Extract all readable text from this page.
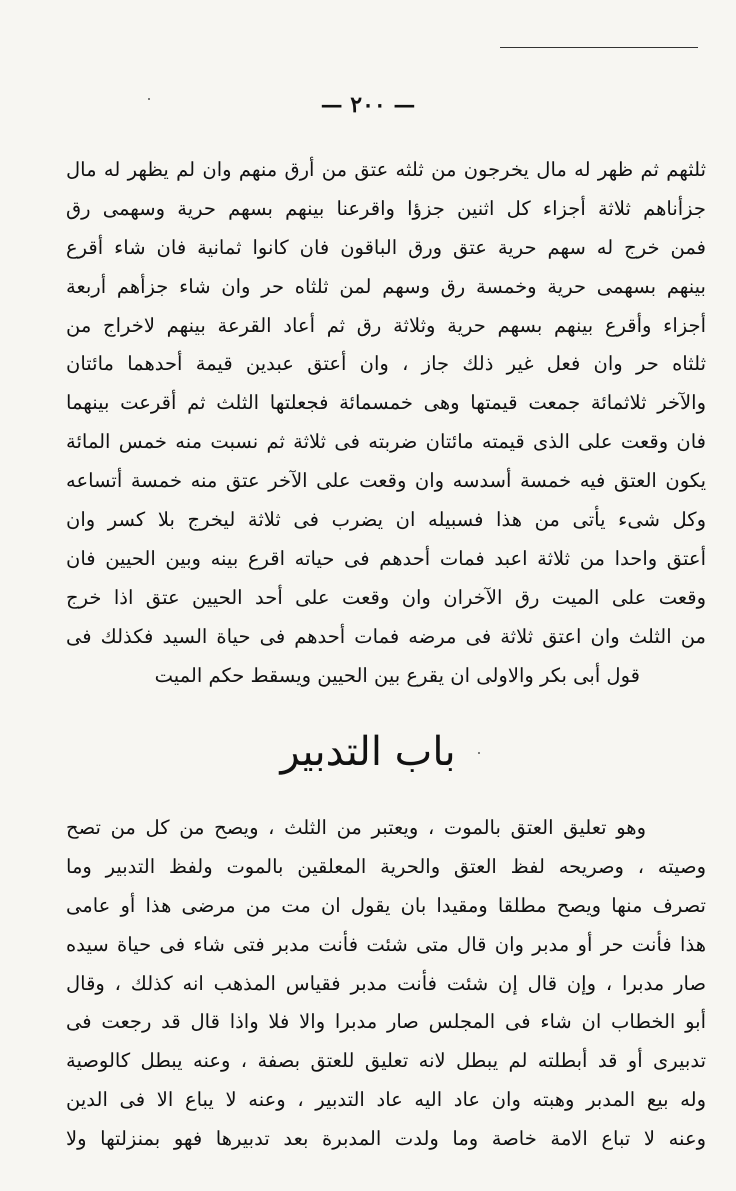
— ٢٠٠ —
ثلثهم ثم ظهر له مال يخرجون من ثلثه عتق من أرق منهم وان لم يظهر له مال
جزأناهم ثلاثة أجزاء كل اثنين جزؤا واقرعنا بينهم بسهم حرية وسهمى رق
فمن خرج له سهم حرية عتق ورق الباقون فان كانوا ثمانية فان شاء أقرع
بينهم بسهمى حرية وخمسة رق وسهم لمن ثلثاه حر وان شاء جزأهم أربعة
أجزاء وأقرع بينهم بسهم حرية وثلاثة رق ثم أعاد القرعة بينهم لاخراج من
ثلثاه حر وان فعل غير ذلك جاز ، وان أعتق عبدين قيمة أحدهما مائتان
والآخر ثلاثمائة جمعت قيمتها وهى خمسمائة فجعلتها الثلث ثم أقرعت بينهما
فان وقعت على الذى قيمته مائتان ضربته فى ثلاثة ثم نسبت منه خمس المائة
يكون العتق فيه خمسة أسدسه وان وقعت على الآخر عتق منه خمسة أتساعه
وكل شىء يأتى من هذا فسبيله ان يضرب فى ثلاثة ليخرج بلا كسر وان
أعتق واحدا من ثلاثة اعبد فمات أحدهم فى حياته اقرع بينه وبين الحيين فان
وقعت على الميت رق الآخران وان وقعت على أحد الحيين عتق اذا خرج
من الثلث وان اعتق ثلاثة فى مرضه فمات أحدهم فى حياة السيد فكذلك فى
قول أبى بكر والاولى ان يقرع بين الحيين ويسقط حكم الميت
باب التدبير
وهو تعليق العتق بالموت ، ويعتبر من الثلث ، ويصح من كل من تصح
وصيته ، وصريحه لفظ العتق والحرية المعلقين بالموت ولفظ التدبير وما
تصرف منها ويصح مطلقا ومقيدا بان يقول ان مت من مرضى هذا أو عامى
هذا فأنت حر أو مدبر وان قال متى شئت فأنت مدبر فتى شاء فى حياة سيده
صار مدبرا ، وإن قال إن شئت فأنت مدبر فقياس المذهب انه كذلك ، وقال
أبو الخطاب ان شاء فى المجلس صار مدبرا والا فلا واذا قال قد رجعت فى
تدبيرى أو قد أبطلته لم يبطل لانه تعليق للعتق بصفة ، وعنه يبطل كالوصية
وله بيع المدبر وهبته وان عاد اليه عاد التدبير ، وعنه لا يباع الا فى الدين
وعنه لا تباع الامة خاصة وما ولدت المدبرة بعد تدبيرها فهو بمنزلتها ولا
